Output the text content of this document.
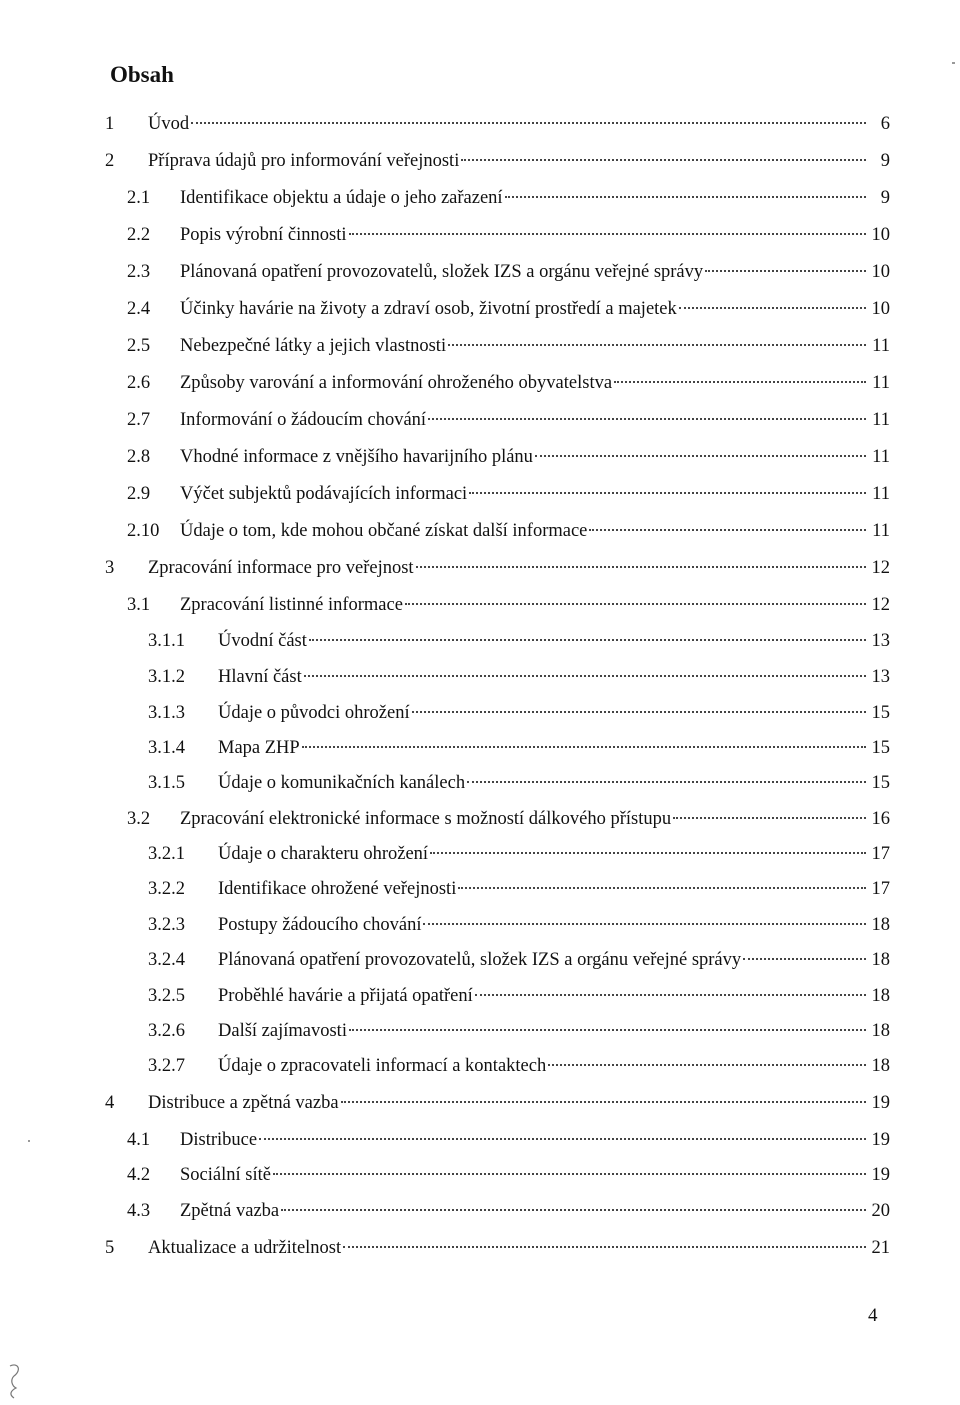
Obsah
1	Úvod	6
2	Příprava údajů pro informování veřejnosti	9
2.1	Identifikace objektu a údaje o jeho zařazení	9
2.2	Popis výrobní činnosti	10
2.3	Plánovaná opatření provozovatelů, složek IZS a orgánu veřejné správy	10
2.4	Účinky havárie na životy a zdraví osob, životní prostředí a majetek	10
2.5	Nebezpečné látky a jejich vlastnosti	11
2.6	Způsoby varování a informování ohroženého obyvatelstva	11
2.7	Informování o žádoucím chování	11
2.8	Vhodné informace z vnějšího havarijního plánu	11
2.9	Výčet subjektů podávajících informaci	11
2.10	Údaje o tom, kde mohou občané získat další informace	11
3	Zpracování informace pro veřejnost	12
3.1	Zpracování listinné informace	12
3.1.1	Úvodní část	13
3.1.2	Hlavní část	13
3.1.3	Údaje o původci ohrožení	15
3.1.4	Mapa ZHP	15
3.1.5	Údaje o komunikačních kanálech	15
3.2	Zpracování elektronické informace s možností dálkového přístupu	16
3.2.1	Údaje o charakteru ohrožení	17
3.2.2	Identifikace ohrožené veřejnosti	17
3.2.3	Postupy žádoucího chování	18
3.2.4	Plánovaná opatření provozovatelů, složek IZS a orgánu veřejné správy	18
3.2.5	Proběhlé havárie a přijatá opatření	18
3.2.6	Další zajímavosti	18
3.2.7	Údaje o zpracovateli informací a kontaktech	18
4	Distribuce a zpětná vazba	19
4.1	Distribuce	19
4.2	Sociální sítě	19
4.3	Zpětná vazba	20
5	Aktualizace a udržitelnost	21
4
